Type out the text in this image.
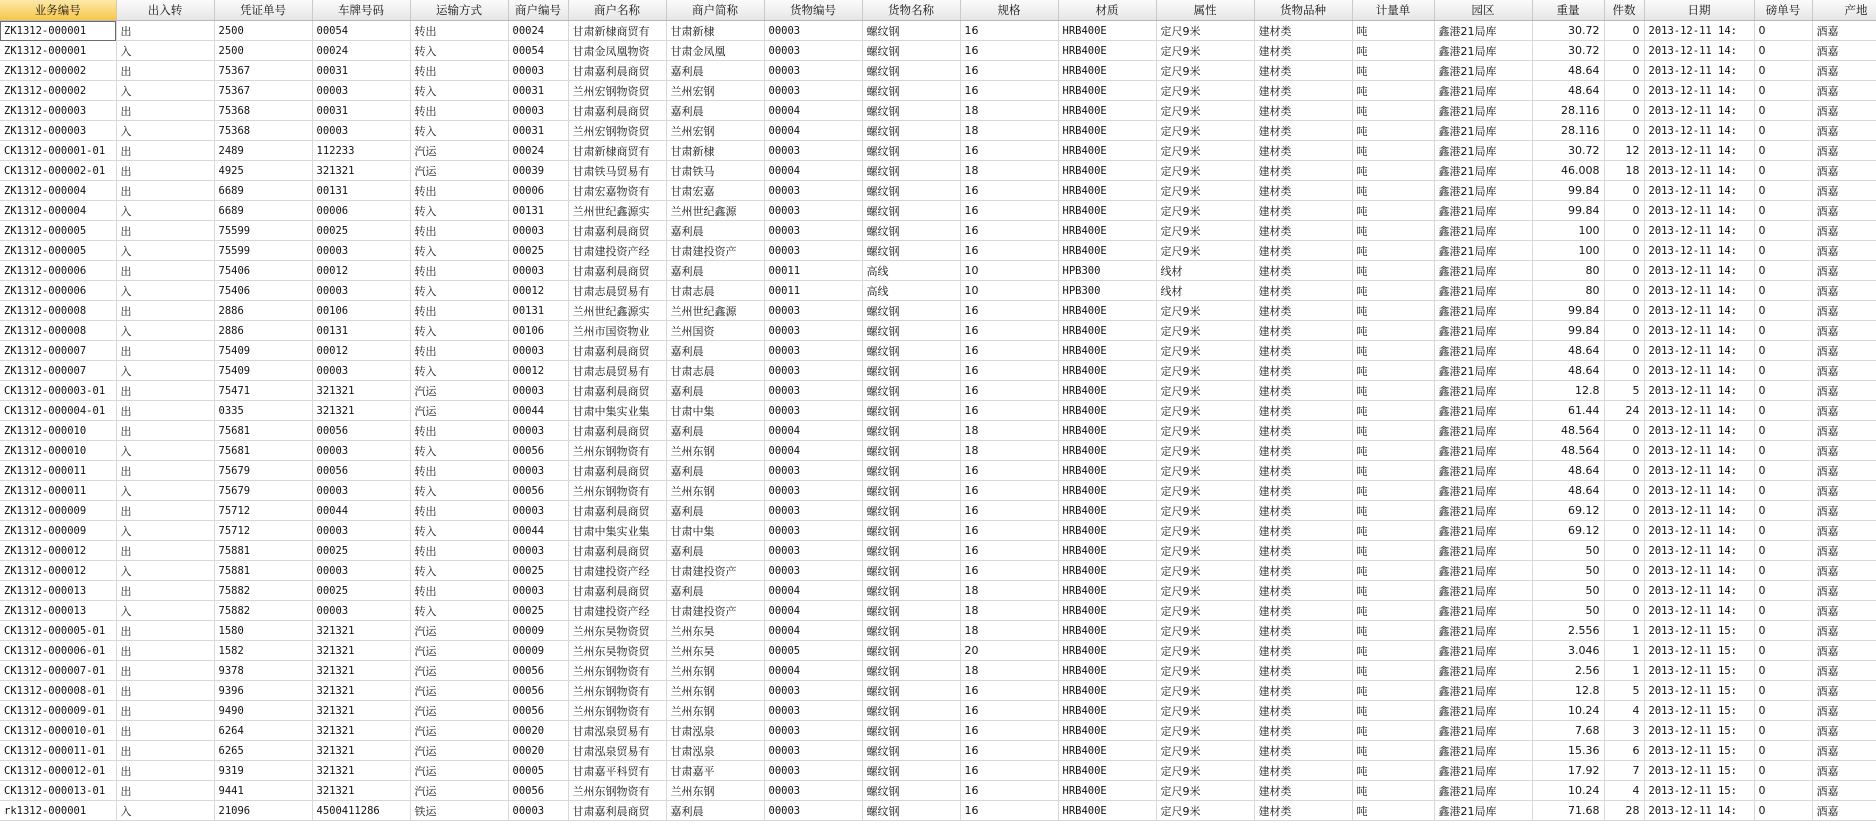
业务编号	出入转	凭证单号	车牌号码	运输方式	商户编号	商户名称	商户简称	货物编号	货物名称	规格	材质	属性	货物品种	计量单	园区	重量	件数	日期	磅单号	产地
ZK1312-000001	出	2500	00054	转出	00024	甘肃新棣商贸有	甘肃新棣	00003	螺纹钢	16	HRB400E	定尺9米	建材类	吨	鑫港21局库	30.72	0	2013-12-11 14:	0	酒嘉
ZK1312-000001	入	2500	00024	转入	00054	甘肃金凤凰物资	甘肃金凤凰	00003	螺纹钢	16	HRB400E	定尺9米	建材类	吨	鑫港21局库	30.72	0	2013-12-11 14:	0	酒嘉
ZK1312-000002	出	75367	00031	转出	00003	甘肃嘉利晨商贸	嘉利晨	00003	螺纹钢	16	HRB400E	定尺9米	建材类	吨	鑫港21局库	48.64	0	2013-12-11 14:	0	酒嘉
ZK1312-000002	入	75367	00003	转入	00031	兰州宏钢物资贸	兰州宏钢	00003	螺纹钢	16	HRB400E	定尺9米	建材类	吨	鑫港21局库	48.64	0	2013-12-11 14:	0	酒嘉
ZK1312-000003	出	75368	00031	转出	00003	甘肃嘉利晨商贸	嘉利晨	00004	螺纹钢	18	HRB400E	定尺9米	建材类	吨	鑫港21局库	28.116	0	2013-12-11 14:	0	酒嘉
ZK1312-000003	入	75368	00003	转入	00031	兰州宏钢物资贸	兰州宏钢	00004	螺纹钢	18	HRB400E	定尺9米	建材类	吨	鑫港21局库	28.116	0	2013-12-11 14:	0	酒嘉
CK1312-000001-01	出	2489	112233	汽运	00024	甘肃新棣商贸有	甘肃新棣	00003	螺纹钢	16	HRB400E	定尺9米	建材类	吨	鑫港21局库	30.72	12	2013-12-11 14:	0	酒嘉
CK1312-000002-01	出	4925	321321	汽运	00039	甘肃铁马贸易有	甘肃铁马	00004	螺纹钢	18	HRB400E	定尺9米	建材类	吨	鑫港21局库	46.008	18	2013-12-11 14:	0	酒嘉
ZK1312-000004	出	6689	00131	转出	00006	甘肃宏嘉物资有	甘肃宏嘉	00003	螺纹钢	16	HRB400E	定尺9米	建材类	吨	鑫港21局库	99.84	0	2013-12-11 14:	0	酒嘉
ZK1312-000004	入	6689	00006	转入	00131	兰州世纪鑫源实	兰州世纪鑫源	00003	螺纹钢	16	HRB400E	定尺9米	建材类	吨	鑫港21局库	99.84	0	2013-12-11 14:	0	酒嘉
ZK1312-000005	出	75599	00025	转出	00003	甘肃嘉利晨商贸	嘉利晨	00003	螺纹钢	16	HRB400E	定尺9米	建材类	吨	鑫港21局库	100	0	2013-12-11 14:	0	酒嘉
ZK1312-000005	入	75599	00003	转入	00025	甘肃建投资产经	甘肃建投资产	00003	螺纹钢	16	HRB400E	定尺9米	建材类	吨	鑫港21局库	100	0	2013-12-11 14:	0	酒嘉
ZK1312-000006	出	75406	00012	转出	00003	甘肃嘉利晨商贸	嘉利晨	00011	高线	10	HPB300	线材	建材类	吨	鑫港21局库	80	0	2013-12-11 14:	0	酒嘉
ZK1312-000006	入	75406	00003	转入	00012	甘肃志晨贸易有	甘肃志晨	00011	高线	10	HPB300	线材	建材类	吨	鑫港21局库	80	0	2013-12-11 14:	0	酒嘉
ZK1312-000008	出	2886	00106	转出	00131	兰州世纪鑫源实	兰州世纪鑫源	00003	螺纹钢	16	HRB400E	定尺9米	建材类	吨	鑫港21局库	99.84	0	2013-12-11 14:	0	酒嘉
ZK1312-000008	入	2886	00131	转入	00106	兰州市国资物业	兰州国资	00003	螺纹钢	16	HRB400E	定尺9米	建材类	吨	鑫港21局库	99.84	0	2013-12-11 14:	0	酒嘉
ZK1312-000007	出	75409	00012	转出	00003	甘肃嘉利晨商贸	嘉利晨	00003	螺纹钢	16	HRB400E	定尺9米	建材类	吨	鑫港21局库	48.64	0	2013-12-11 14:	0	酒嘉
ZK1312-000007	入	75409	00003	转入	00012	甘肃志晨贸易有	甘肃志晨	00003	螺纹钢	16	HRB400E	定尺9米	建材类	吨	鑫港21局库	48.64	0	2013-12-11 14:	0	酒嘉
CK1312-000003-01	出	75471	321321	汽运	00003	甘肃嘉利晨商贸	嘉利晨	00003	螺纹钢	16	HRB400E	定尺9米	建材类	吨	鑫港21局库	12.8	5	2013-12-11 14:	0	酒嘉
CK1312-000004-01	出	0335	321321	汽运	00044	甘肃中集实业集	甘肃中集	00003	螺纹钢	16	HRB400E	定尺9米	建材类	吨	鑫港21局库	61.44	24	2013-12-11 14:	0	酒嘉
ZK1312-000010	出	75681	00056	转出	00003	甘肃嘉利晨商贸	嘉利晨	00004	螺纹钢	18	HRB400E	定尺9米	建材类	吨	鑫港21局库	48.564	0	2013-12-11 14:	0	酒嘉
ZK1312-000010	入	75681	00003	转入	00056	兰州东钢物资有	兰州东钢	00004	螺纹钢	18	HRB400E	定尺9米	建材类	吨	鑫港21局库	48.564	0	2013-12-11 14:	0	酒嘉
ZK1312-000011	出	75679	00056	转出	00003	甘肃嘉利晨商贸	嘉利晨	00003	螺纹钢	16	HRB400E	定尺9米	建材类	吨	鑫港21局库	48.64	0	2013-12-11 14:	0	酒嘉
ZK1312-000011	入	75679	00003	转入	00056	兰州东钢物资有	兰州东钢	00003	螺纹钢	16	HRB400E	定尺9米	建材类	吨	鑫港21局库	48.64	0	2013-12-11 14:	0	酒嘉
ZK1312-000009	出	75712	00044	转出	00003	甘肃嘉利晨商贸	嘉利晨	00003	螺纹钢	16	HRB400E	定尺9米	建材类	吨	鑫港21局库	69.12	0	2013-12-11 14:	0	酒嘉
ZK1312-000009	入	75712	00003	转入	00044	甘肃中集实业集	甘肃中集	00003	螺纹钢	16	HRB400E	定尺9米	建材类	吨	鑫港21局库	69.12	0	2013-12-11 14:	0	酒嘉
ZK1312-000012	出	75881	00025	转出	00003	甘肃嘉利晨商贸	嘉利晨	00003	螺纹钢	16	HRB400E	定尺9米	建材类	吨	鑫港21局库	50	0	2013-12-11 14:	0	酒嘉
ZK1312-000012	入	75881	00003	转入	00025	甘肃建投资产经	甘肃建投资产	00003	螺纹钢	16	HRB400E	定尺9米	建材类	吨	鑫港21局库	50	0	2013-12-11 14:	0	酒嘉
ZK1312-000013	出	75882	00025	转出	00003	甘肃嘉利晨商贸	嘉利晨	00004	螺纹钢	18	HRB400E	定尺9米	建材类	吨	鑫港21局库	50	0	2013-12-11 14:	0	酒嘉
ZK1312-000013	入	75882	00003	转入	00025	甘肃建投资产经	甘肃建投资产	00004	螺纹钢	18	HRB400E	定尺9米	建材类	吨	鑫港21局库	50	0	2013-12-11 14:	0	酒嘉
CK1312-000005-01	出	1580	321321	汽运	00009	兰州东昊物资贸	兰州东昊	00004	螺纹钢	18	HRB400E	定尺9米	建材类	吨	鑫港21局库	2.556	1	2013-12-11 15:	0	酒嘉
CK1312-000006-01	出	1582	321321	汽运	00009	兰州东昊物资贸	兰州东昊	00005	螺纹钢	20	HRB400E	定尺9米	建材类	吨	鑫港21局库	3.046	1	2013-12-11 15:	0	酒嘉
CK1312-000007-01	出	9378	321321	汽运	00056	兰州东钢物资有	兰州东钢	00004	螺纹钢	18	HRB400E	定尺9米	建材类	吨	鑫港21局库	2.56	1	2013-12-11 15:	0	酒嘉
CK1312-000008-01	出	9396	321321	汽运	00056	兰州东钢物资有	兰州东钢	00003	螺纹钢	16	HRB400E	定尺9米	建材类	吨	鑫港21局库	12.8	5	2013-12-11 15:	0	酒嘉
CK1312-000009-01	出	9490	321321	汽运	00056	兰州东钢物资有	兰州东钢	00003	螺纹钢	16	HRB400E	定尺9米	建材类	吨	鑫港21局库	10.24	4	2013-12-11 15:	0	酒嘉
CK1312-000010-01	出	6264	321321	汽运	00020	甘肃泓泉贸易有	甘肃泓泉	00003	螺纹钢	16	HRB400E	定尺9米	建材类	吨	鑫港21局库	7.68	3	2013-12-11 15:	0	酒嘉
CK1312-000011-01	出	6265	321321	汽运	00020	甘肃泓泉贸易有	甘肃泓泉	00003	螺纹钢	16	HRB400E	定尺9米	建材类	吨	鑫港21局库	15.36	6	2013-12-11 15:	0	酒嘉
CK1312-000012-01	出	9319	321321	汽运	00005	甘肃嘉平科贸有	甘肃嘉平	00003	螺纹钢	16	HRB400E	定尺9米	建材类	吨	鑫港21局库	17.92	7	2013-12-11 15:	0	酒嘉
CK1312-000013-01	出	9441	321321	汽运	00056	兰州东钢物资有	兰州东钢	00003	螺纹钢	16	HRB400E	定尺9米	建材类	吨	鑫港21局库	10.24	4	2013-12-11 15:	0	酒嘉
rk1312-000001	入	21096	4500411286	铁运	00003	甘肃嘉利晨商贸	嘉利晨	00003	螺纹钢	16	HRB400E	定尺9米	建材类	吨	鑫港21局库	71.68	28	2013-12-11 14:	0	酒嘉
